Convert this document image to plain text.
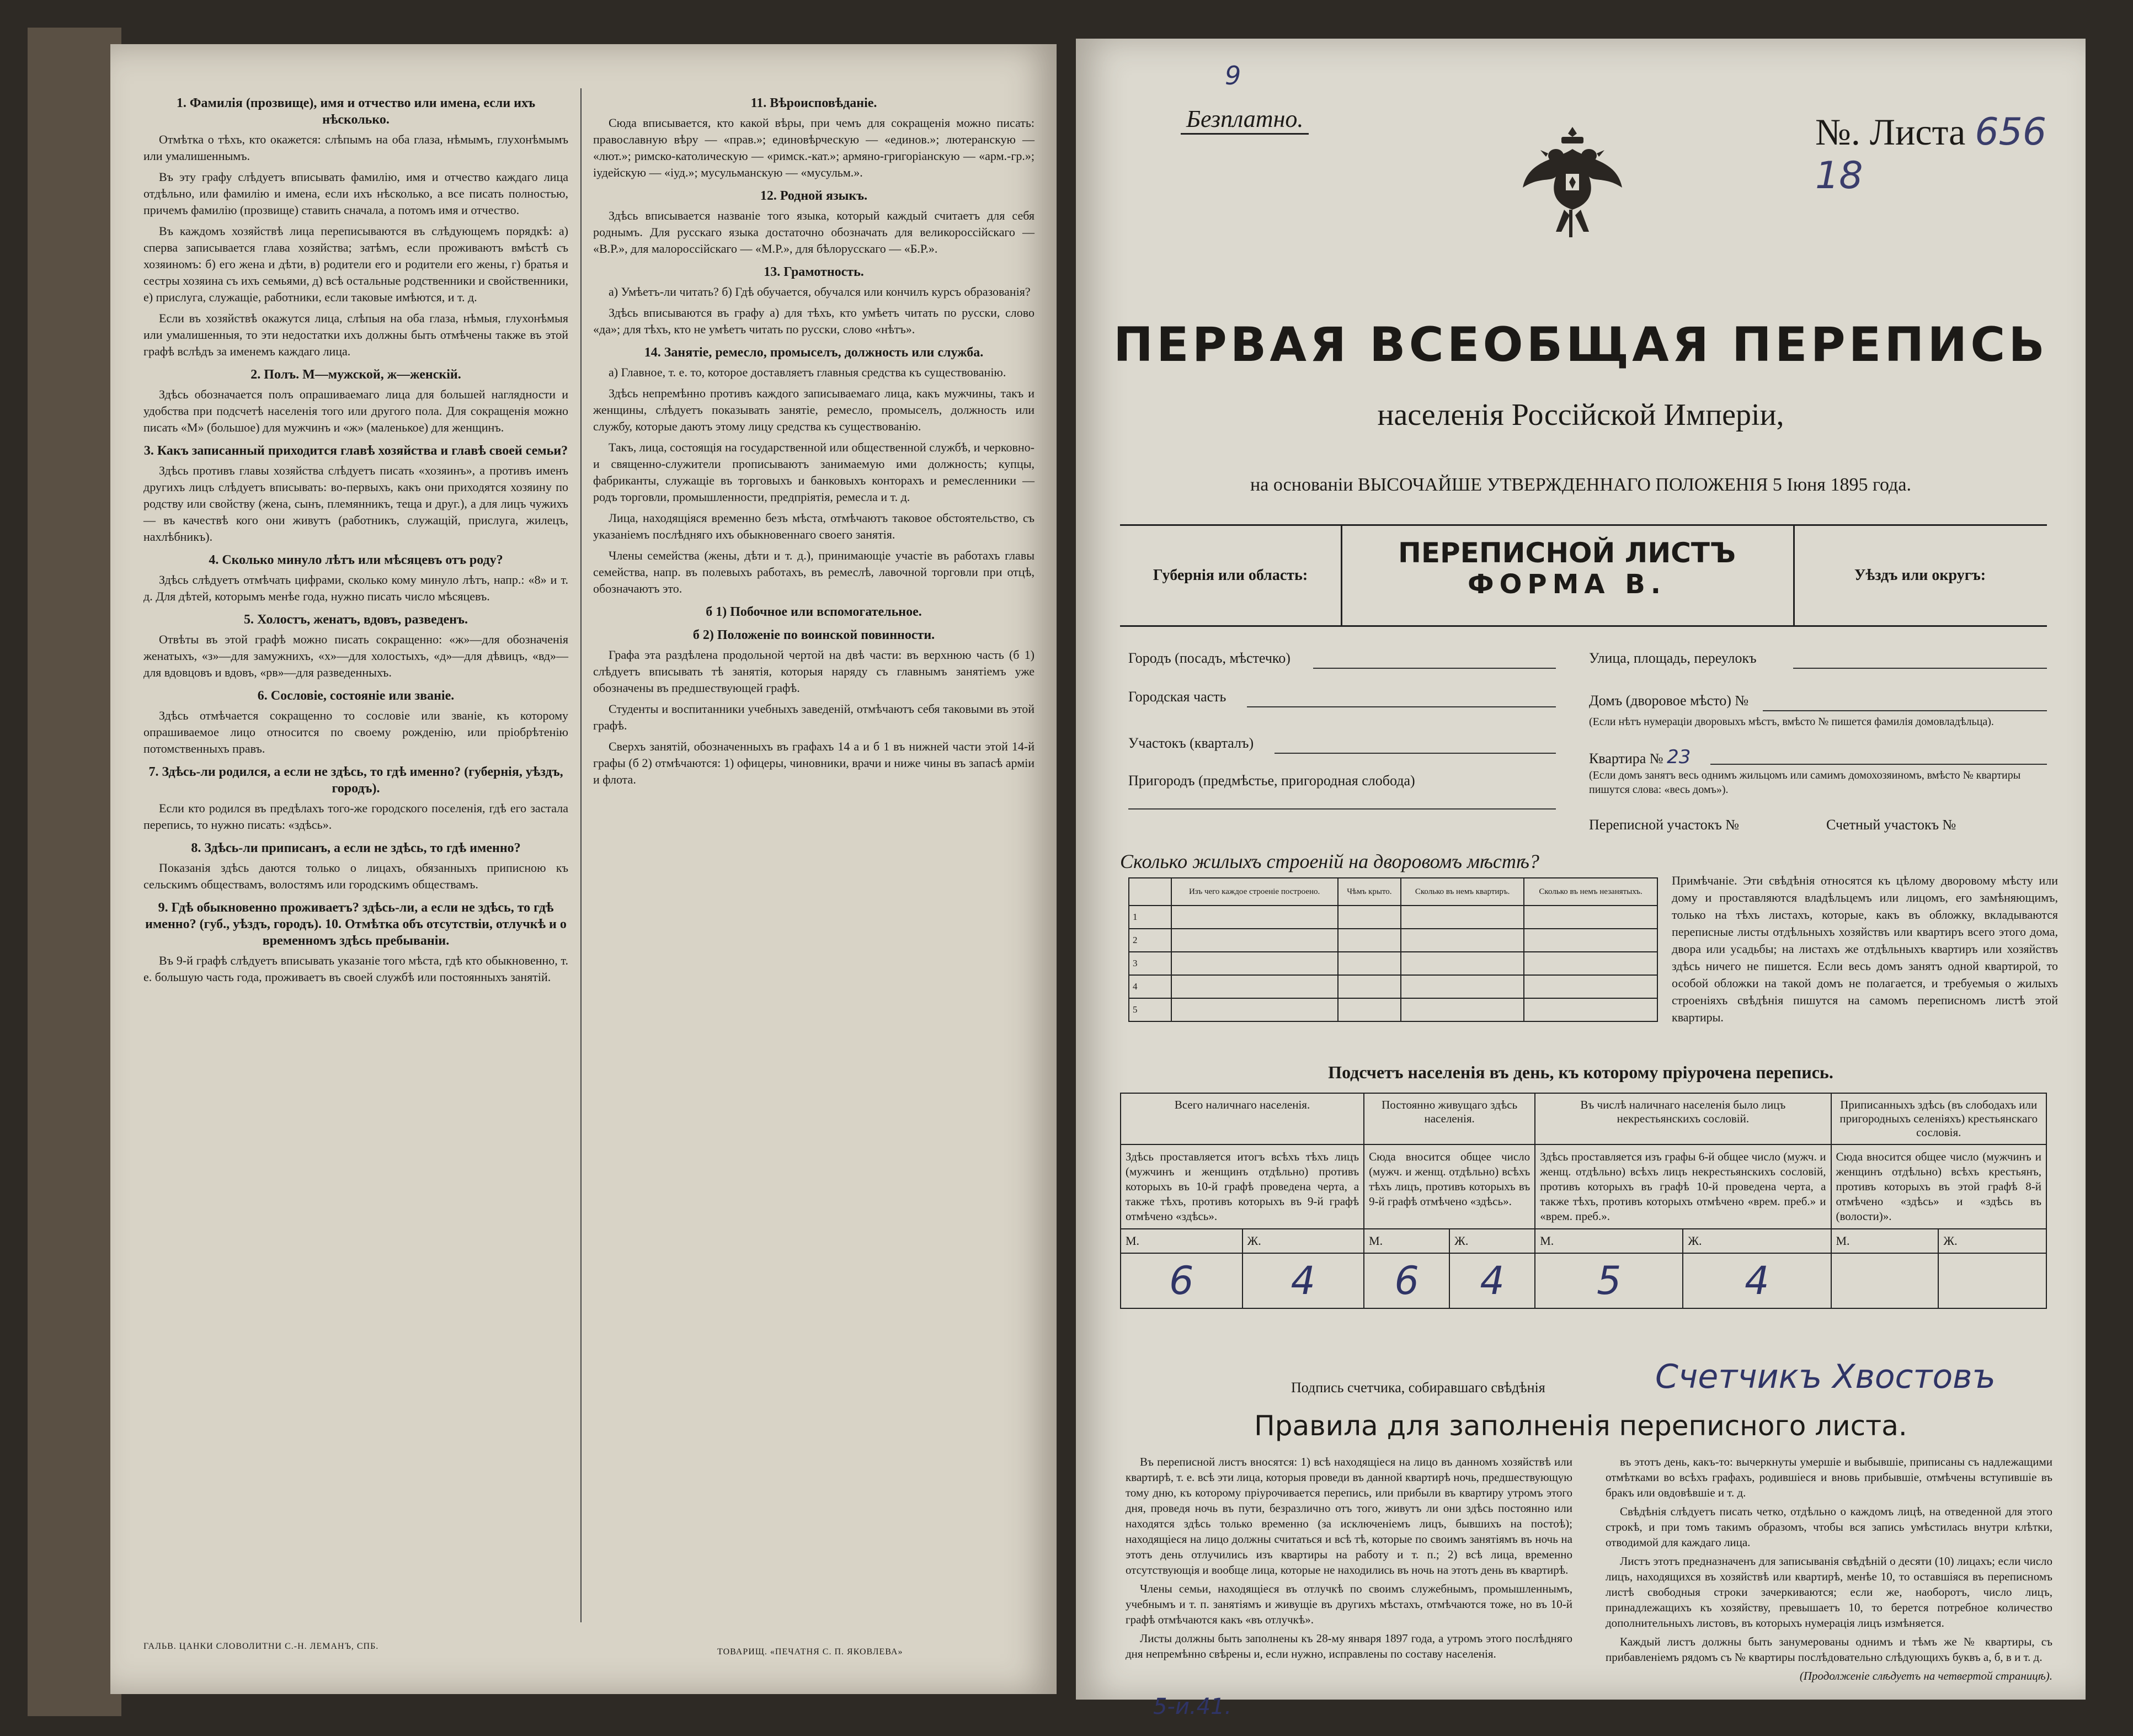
1. Фамилія (прозвище), имя и отчество или имена, если ихъ нѣсколько.

Отмѣтка о тѣхъ, кто окажется: слѣпымъ на оба глаза, нѣмымъ, глухонѣмымъ или умалишеннымъ.

Въ эту графу слѣдуетъ вписывать фамилію, имя и отчество каждаго лица отдѣльно, или фамилію и имена, если ихъ нѣсколько, а все писать полностью, причемъ фамилію (прозвище) ставить сначала, а потомъ имя и отчество.

Въ каждомъ хозяйствѣ лица переписываются въ слѣдующемъ порядкѣ: а) сперва записывается глава хозяйства; затѣмъ, если проживаютъ вмѣстѣ съ хозяиномъ: б) его жена и дѣти, в) родители его и родители его жены, г) братья и сестры хозяина съ ихъ семьями, д) всѣ остальные родственники и свойственники, е) прислуга, служащіе, работники, если таковые имѣются, и т. д.

Если въ хозяйствѣ окажутся лица, слѣпыя на оба глаза, нѣмыя, глухонѣмыя или умалишенныя, то эти недостатки ихъ должны быть отмѣчены также въ этой графѣ вслѣдъ за именемъ каждаго лица.

2. Полъ. М—мужской, ж—женскій.

Здѣсь обозначается полъ опрашиваемаго лица для большей наглядности и удобства при подсчетѣ населенія того или другого пола. Для сокращенія можно писать «М» (большое) для мужчинъ и «ж» (маленькое) для женщинъ.

3. Какъ записанный приходится главѣ хозяйства и главѣ своей семьи?

Здѣсь противъ главы хозяйства слѣдуетъ писать «хозяинъ», а противъ именъ другихъ лицъ слѣдуетъ вписывать: во-первыхъ, какъ они приходятся хозяину по родству или свойству (жена, сынъ, племянникъ, теща и друг.), а для лицъ чужихъ — въ качествѣ кого они живутъ (работникъ, служащій, прислуга, жилецъ, нахлѣбникъ).

4. Сколько минуло лѣтъ или мѣсяцевъ отъ роду?

Здѣсь слѣдуетъ отмѣчать цифрами, сколько кому минуло лѣтъ, напр.: «8» и т. д. Для дѣтей, которымъ менѣе года, нужно писать число мѣсяцевъ.

5. Холостъ, женатъ, вдовъ, разведенъ.

Отвѣты въ этой графѣ можно писать сокращенно: «ж»—для обозначенія женатыхъ, «з»—для замужнихъ, «х»—для холостыхъ, «д»—для дѣвицъ, «вд»—для вдовцовъ и вдовъ, «рв»—для разведенныхъ.

6. Сословіе, состояніе или званіе.

Здѣсь отмѣчается сокращенно то сословіе или званіе, къ которому опрашиваемое лицо относится по своему рожденію, или пріобрѣтенію потомственныхъ правъ.

7. Здѣсь-ли родился, а если не здѣсь, то гдѣ именно? (губернія, уѣздъ, городъ).

Если кто родился въ предѣлахъ того-же городского поселенія, гдѣ его застала перепись, то нужно писать: «здѣсь».

8. Здѣсь-ли приписанъ, а если не здѣсь, то гдѣ именно?

Показанія здѣсь даются только о лицахъ, обязанныхъ приписною къ сельскимъ обществамъ, волостямъ или городскимъ обществамъ.

9. Гдѣ обыкновенно проживаетъ? здѣсь-ли, а если не здѣсь, то гдѣ именно? (губ., уѣздъ, городъ). 10. Отмѣтка объ отсутствіи, отлучкѣ и о временномъ здѣсь пребываніи.

Въ 9-й графѣ слѣдуетъ вписывать указаніе того мѣста, гдѣ кто обыкновенно, т. е. большую часть года, проживаетъ въ своей службѣ или постоянныхъ занятій.

11. Вѣроисповѣданіе.

Сюда вписывается, кто какой вѣры, при чемъ для сокращенія можно писать: православную вѣру — «прав.»; единовѣрческую — «единов.»; лютеранскую — «лют.»; римско-католическую — «римск.-кат.»; армяно-григоріанскую — «арм.-гр.»; іудейскую — «іуд.»; мусульманскую — «мусульм.».

12. Родной языкъ.

Здѣсь вписывается названіе того языка, который каждый считаетъ для себя роднымъ. Для русскаго языка достаточно обозначать для великороссійскаго — «В.Р.», для малороссійскаго — «М.Р.», для бѣлорусскаго — «Б.Р.».

13. Грамотность.

а) Умѣетъ-ли читать? б) Гдѣ обучается, обучался или кончилъ курсъ образованія?

Здѣсь вписываются въ графу а) для тѣхъ, кто умѣетъ читать по русски, слово «да»; для тѣхъ, кто не умѣетъ читать по русски, слово «нѣтъ».

14. Занятіе, ремесло, промыселъ, должность или служба.

а) Главное, т. е. то, которое доставляетъ главныя средства къ существованію.

Здѣсь непремѣнно противъ каждого записываемаго лица, какъ мужчины, такъ и женщины, слѣдуетъ показывать занятіе, ремесло, промыселъ, должность или службу, которые даютъ этому лицу средства къ существованію.

Такъ, лица, состоящія на государственной или общественной службѣ, и черковно-и священно-служители прописываютъ занимаемую ими должность; купцы, фабриканты, служащіе въ торговыхъ и банковыхъ конторахъ и ремесленники — родъ торговли, промышленности, предпріятія, ремесла и т. д.

Лица, находящіяся временно безъ мѣста, отмѣчаютъ таковое обстоятельство, съ указаніемъ послѣдняго ихъ обыкновеннаго своего занятія.

Члены семейства (жены, дѣти и т. д.), принимающіе участіе въ работахъ главы семейства, напр. въ полевыхъ работахъ, въ ремеслѣ, лавочной торговли при отцѣ, обозначаютъ это.

б 1) Побочное или вспомогательное.
б 2) Положеніе по воинской повинности.

Графа эта раздѣлена продольной чертой на двѣ части: въ верхнюю часть (б 1) слѣдуетъ вписывать тѣ занятія, которыя наряду съ главнымъ занятіемъ уже обозначены въ предшествующей графѣ.

Студенты и воспитанники учебныхъ заведеній, отмѣчаютъ себя таковыми въ этой графѣ.

Сверхъ занятій, обозначенныхъ въ графахъ 14 а и б 1 въ нижней части этой 14-й графы (б 2) отмѣчаются: 1) офицеры, чиновники, врачи и ниже чины въ запасѣ арміи и флота.

ГАЛЬВ. ЦАНКИ СЛОВОЛИТНИ С.-Н. ЛЕМАНЪ, СПБ.
ТОВАРИЩ. «ПЕЧАТНЯ С. П. ЯКОВЛЕВА»
9
Безплатно.	№. Листа 656 18
ПЕРВАЯ ВСЕОБЩАЯ ПЕРЕПИСЬ
населенія Россійской Имперіи,
на основаніи ВЫСОЧАЙШЕ УТВЕРЖДЕННАГО ПОЛОЖЕНІЯ 5 Іюня 1895 года.
Губернія или область:
ПЕРЕПИСНОЙ ЛИСТЪ
ФОРМА В.	Уѣздъ или округъ:
Городъ (посадъ, мѣстечко)
Городская часть
Участокъ (кварталъ)
Пригородъ (предмѣстье, пригородная слобода)
Улица, площадь, переулокъ
Домъ (дворовое мѣсто) №
(Если нѣтъ нумераціи дворовыхъ мѣстъ, вмѣсто № пишется фамилія домовладѣльца).
Квартира № 23
(Если домъ занятъ весь однимъ жильцомъ или самимъ домохозяиномъ, вмѣсто № квартиры пишутся слова: «весь домъ»).
Переписной участокъ №	Счетный участокъ №
Сколько жилыхъ строеній на дворовомъ мѣстѣ?
	Изъ чего каждое строеніе построено.	Чѣмъ крыто.	Сколько въ немъ квартиръ.	Сколько въ немъ незанятыхъ.
1				
2				
3				
4				
5				
Примѣчаніе. Эти свѣдѣнія относятся къ цѣлому дворовому мѣсту или дому и проставляются владѣльцемъ или лицомъ, его замѣняющимъ, только на тѣхъ листахъ, которые, какъ въ обложку, вкладываются переписные листы отдѣльныхъ хозяйствъ или квартиръ всего этого дома, двора или усадьбы; на листахъ же отдѣльныхъ квартиръ или хозяйствъ здѣсь ничего не пишется. Если весь домъ занятъ одной квартирой, то особой обложки на такой домъ не полагается, и требуемыя о жилыхъ строеніяхъ свѣдѣнія пишутся на самомъ переписномъ листѣ этой квартиры.
Подсчетъ населенія въ день, къ которому пріурочена перепись.
Всего наличнаго населенія.		Постоянно живущаго здѣсь населенія.		Въ числѣ наличнаго населенія было лицъ некрестьянскихъ сословій.		Приписанныхъ здѣсь (въ слободахъ или пригородныхъ селеніяхъ) крестьянскаго сословія.	
Здѣсь проставляется итогъ всѣхъ тѣхъ лицъ (мужчинъ и женщинъ отдѣльно) противъ которыхъ въ 10-й графѣ проведена черта, а также тѣхъ, противъ которыхъ въ 9-й графѣ отмѣчено «здѣсь».		Сюда вносится общее число (мужч. и женщ. отдѣльно) всѣхъ тѣхъ лицъ, противъ которыхъ въ 9-й графѣ отмѣчено «здѣсь».		Здѣсь проставляется изъ графы 6-й общее число (мужч. и женщ. отдѣльно) всѣхъ лицъ некрестьянскихъ сословій, противъ которыхъ въ графѣ 10-й проведена черта, а также тѣхъ, противъ которыхъ отмѣчено «врем. преб.» и «врем. преб.».		Сюда вносится общее число (мужчинъ и женщинъ отдѣльно) всѣхъ крестьянъ, противъ которыхъ въ этой графѣ 8-й отмѣчено «здѣсь» и «здѣсь въ (волости)».	
М.	Ж.	М.	Ж.	М.	Ж.	М.	Ж.
6	4	6	4	5	4		
Подпись счетчика, собиравшаго свѣдѣнія	Счетчикъ Хвостовъ
Правила для заполненія переписного листа.

Въ переписной листъ вносятся: 1) всѣ находящіеся на лицо въ данномъ хозяйствѣ или квартирѣ, т. е. всѣ эти лица, которыя проведи въ данной квартирѣ ночь, предшествующую тому дню, къ которому пріурочивается перепись, или прибыли въ квартиру утромъ этого дня, проведя ночь въ пути, безразлично отъ того, живутъ ли они здѣсь постоянно или находятся здѣсь только временно (за исключеніемъ лицъ, бывшихъ на постоѣ); находящіеся на лицо должны считаться и всѣ тѣ, которые по своимъ занятіямъ въ ночь на этотъ день отлучились изъ квартиры на работу и т. п.; 2) всѣ лица, временно отсутствующія и вообще лица, которые не находились въ ночь на этотъ день въ квартирѣ.

Члены семьи, находящіеся въ отлучкѣ по своимъ служебнымъ, промышленнымъ, учебнымъ и т. п. занятіямъ и живущіе въ другихъ мѣстахъ, отмѣчаются тоже, но въ 10-й графѣ отмѣчаются какъ «въ отлучкѣ».

Листы должны быть заполнены къ 28-му января 1897 года, а утромъ этого послѣдняго дня непремѣнно свѣрены и, если нужно, исправлены по составу населенія.

въ этотъ день, какъ-то: вычеркнуты умершіе и выбывшіе, приписаны съ надлежащими отмѣтками во всѣхъ графахъ, родившіеся и вновь прибывшіе, отмѣчены вступившіе въ бракъ или овдовѣвшіе и т. д.

Свѣдѣнія слѣдуетъ писать четко, отдѣльно о каждомъ лицѣ, на отведенной для этого строкѣ, и при томъ такимъ образомъ, чтобы вся запись умѣстилась внутри клѣтки, отводимой для каждаго лица.

Листъ этотъ предназначенъ для записыванія свѣдѣній о десяти (10) лицахъ; если число лицъ, находящихся въ хозяйствѣ или квартирѣ, менѣе 10, то оставшіяся въ переписномъ листѣ свободныя строки зачеркиваются; если же, наоборотъ, число лицъ, принадлежащихъ къ хозяйству, превышаетъ 10, то берется потребное количество дополнительныхъ листовъ, въ которыхъ нумерація лицъ измѣняется.

Каждый листъ должны быть занумерованы однимъ и тѣмъ же № квартиры, съ прибавленіемъ рядомъ съ № квартиры послѣдовательно слѣдующихъ буквъ а, б, в и т. д.

(Продолженіе слѣдуетъ на четвертой страницѣ).

5-и.41.
